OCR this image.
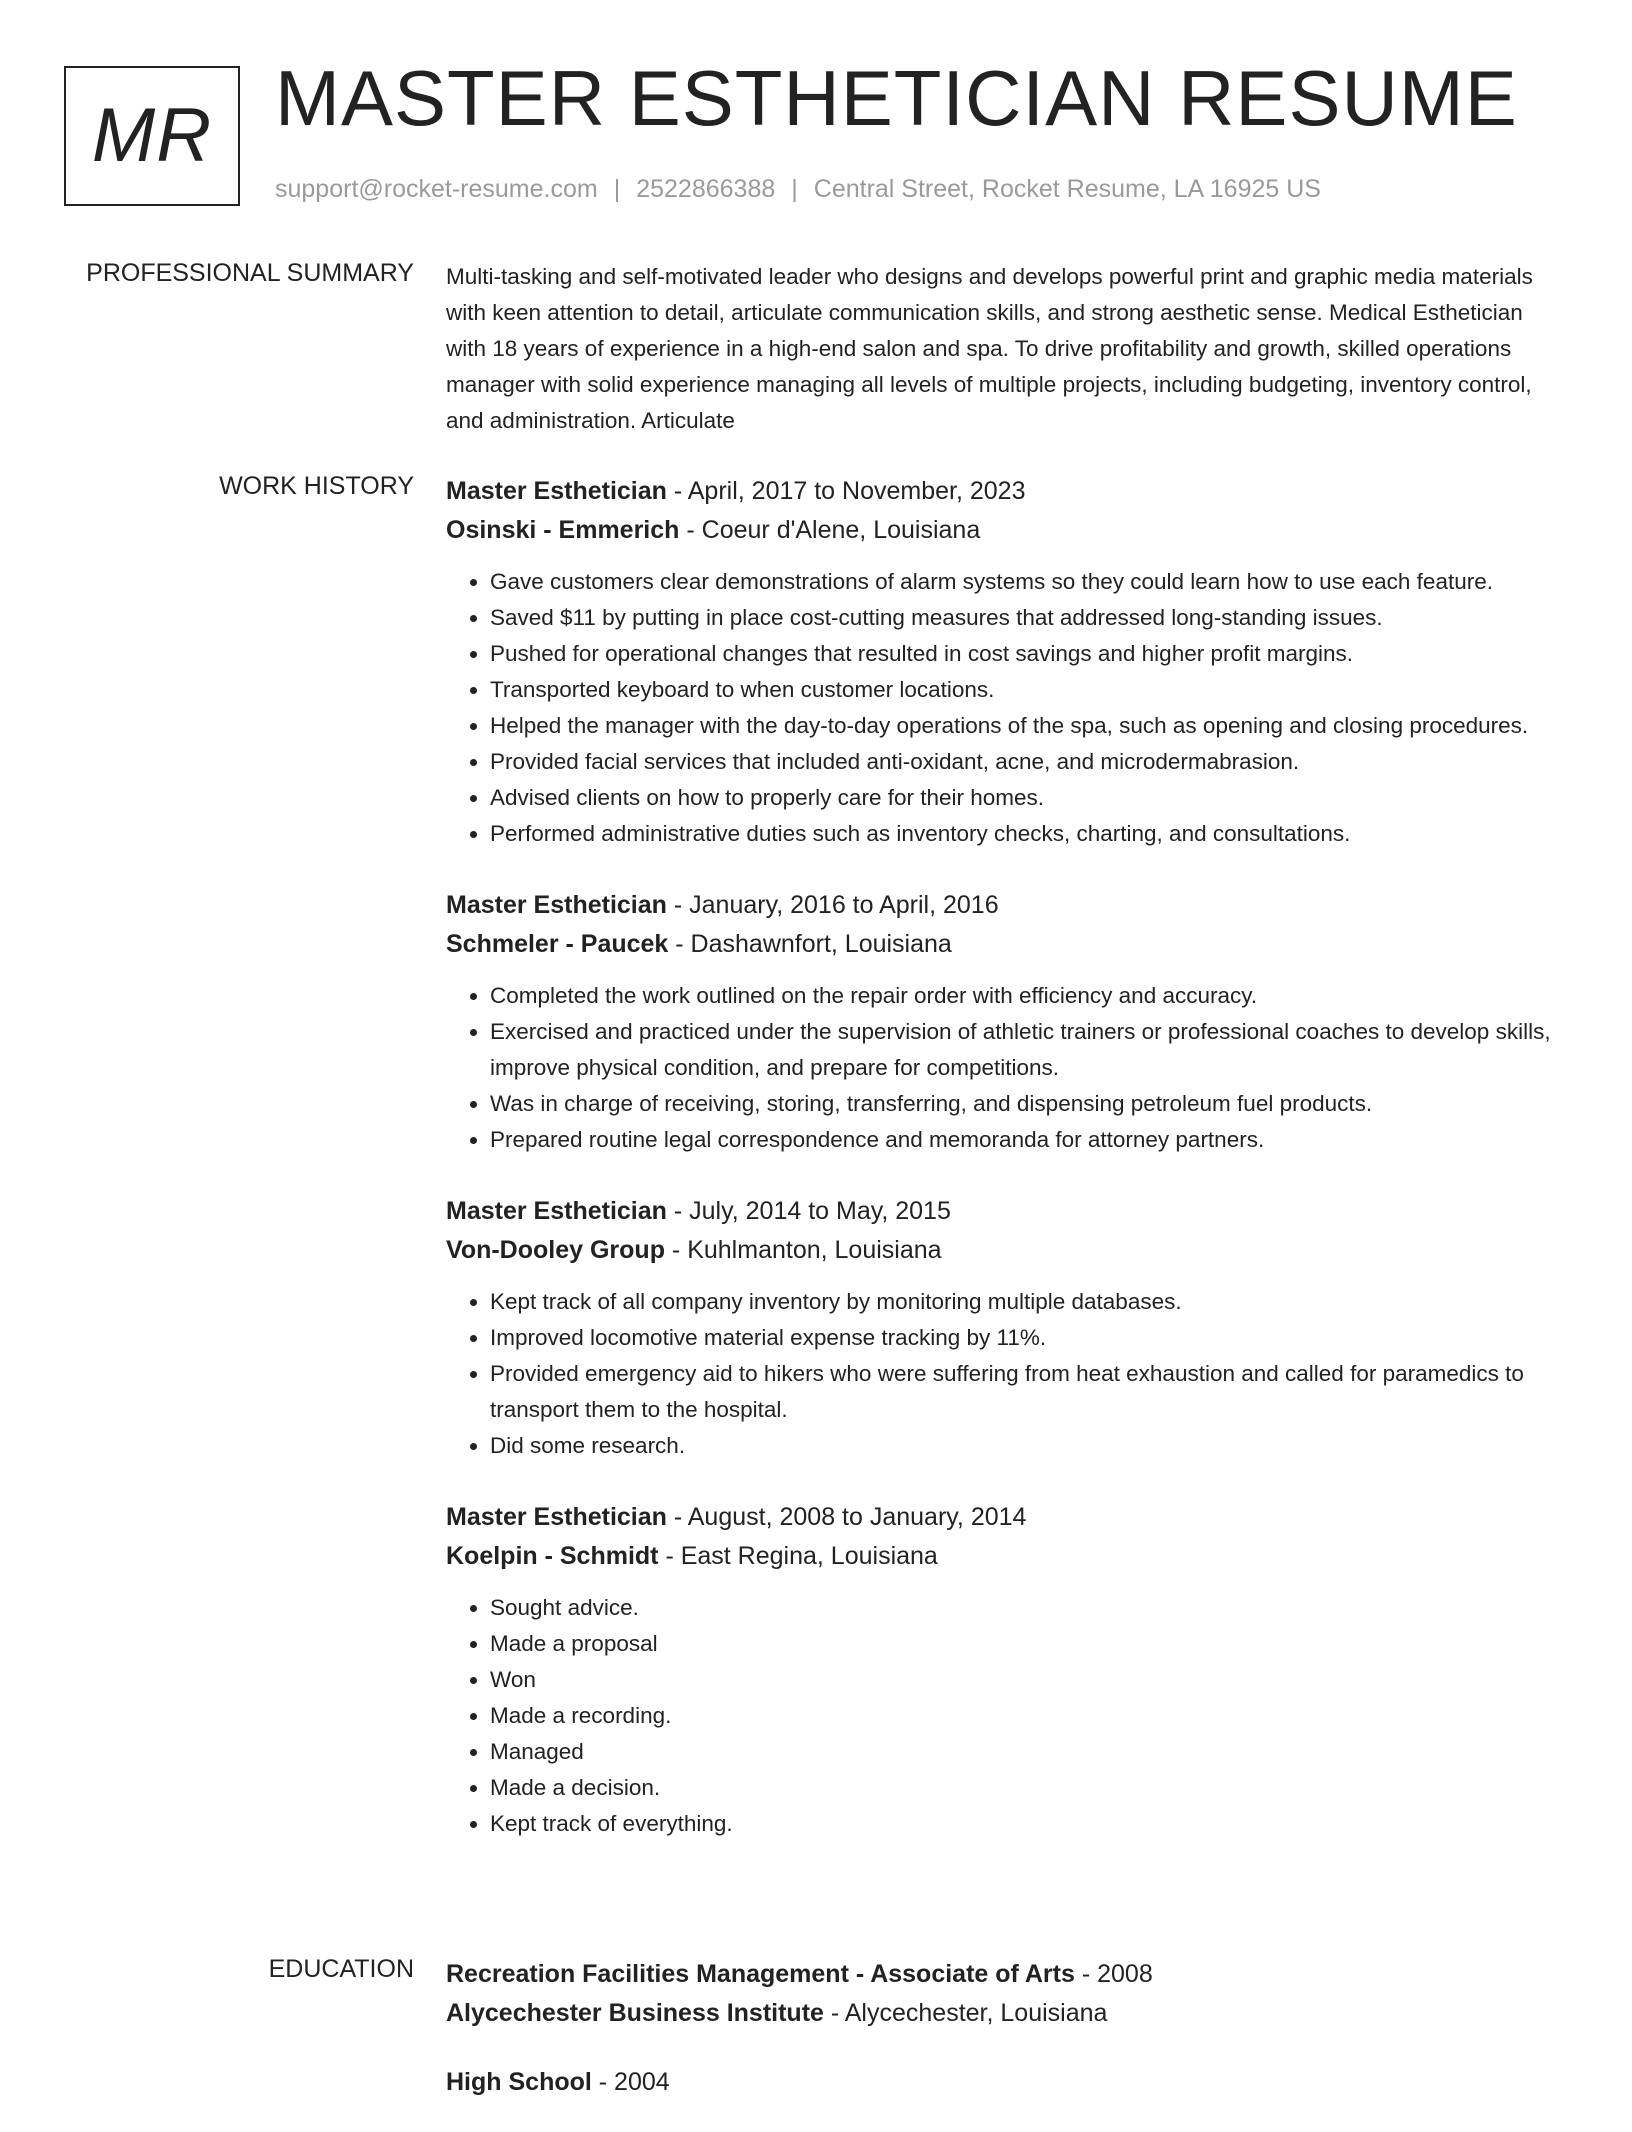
MR MASTER ESTHETICIAN RESUME
support@rocket-resume.com | 2522866388 | Central Street, Rocket Resume, LA 16925 US
PROFESSIONAL SUMMARY Multi-tasking and self-motivated leader who designs and develops powerful print and graphic media materials with keen attention to detail, articulate communication skills, and strong aesthetic sense. Medical Esthetician with 18 years of experience in a high-end salon and spa. To drive profitability and growth, skilled operations manager with solid experience managing all levels of multiple projects, including budgeting, inventory control, and administration. Articulate
WORK HISTORY Master Esthetician - April, 2017 to November, 2023
Osinski - Emmerich - Coeur d'Alene, Louisiana
• Gave customers clear demonstrations of alarm systems so they could learn how to use each feature.
• Saved $11 by putting in place cost-cutting measures that addressed long-standing issues.
• Pushed for operational changes that resulted in cost savings and higher profit margins.
• Transported keyboard to when customer locations.
• Helped the manager with the day-to-day operations of the spa, such as opening and closing procedures.
• Provided facial services that included anti-oxidant, acne, and microdermabrasion.
• Advised clients on how to properly care for their homes.
• Performed administrative duties such as inventory checks, charting, and consultations.
Master Esthetician - January, 2016 to April, 2016
Schmeler - Paucek - Dashawnfort, Louisiana
• Completed the work outlined on the repair order with efficiency and accuracy.
• Exercised and practiced under the supervision of athletic trainers or professional coaches to develop skills, improve physical condition, and prepare for competitions.
• Was in charge of receiving, storing, transferring, and dispensing petroleum fuel products.
• Prepared routine legal correspondence and memoranda for attorney partners.
Master Esthetician - July, 2014 to May, 2015
Von-Dooley Group - Kuhlmanton, Louisiana
• Kept track of all company inventory by monitoring multiple databases.
• Improved locomotive material expense tracking by 11%.
• Provided emergency aid to hikers who were suffering from heat exhaustion and called for paramedics to transport them to the hospital.
• Did some research.
Master Esthetician - August, 2008 to January, 2014
Koelpin - Schmidt - East Regina, Louisiana
• Sought advice.
• Made a proposal
• Won
• Made a recording.
• Managed
• Made a decision.
• Kept track of everything.
EDUCATION Recreation Facilities Management - Associate of Arts - 2008
Alycechester Business Institute - Alycechester, Louisiana
High School - 2004
